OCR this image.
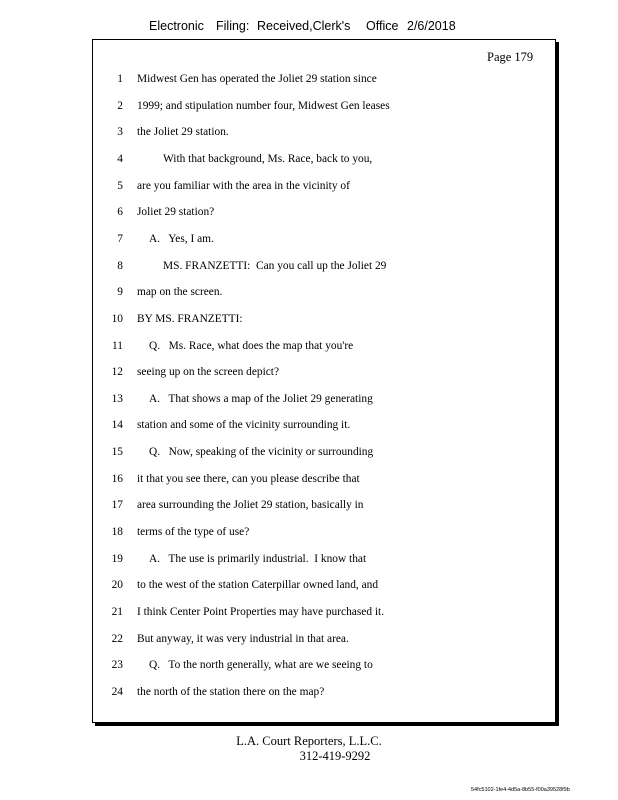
Electronic Filing: Received,Clerk's Office 2/6/2018
Page 179
1 Midwest Gen has operated the Joliet 29 station since
2 1999; and stipulation number four, Midwest Gen leases
3 the Joliet 29 station.
4	With that background, Ms. Race, back to you,
5 are you familiar with the area in the vicinity of
6 Joliet 29 station?
7	A.   Yes, I am.
8	MS. FRANZETTI:  Can you call up the Joliet 29
9 map on the screen.
10 BY MS. FRANZETTI:
11	Q.   Ms. Race, what does the map that you're
12 seeing up on the screen depict?
13	A.   That shows a map of the Joliet 29 generating
14 station and some of the vicinity surrounding it.
15	Q.   Now, speaking of the vicinity or surrounding
16 it that you see there, can you please describe that
17 area surrounding the Joliet 29 station, basically in
18 terms of the type of use?
19	A.   The use is primarily industrial.  I know that
20 to the west of the station Caterpillar owned land, and
21 I think Center Point Properties may have purchased it.
22 But anyway, it was very industrial in that area.
23	Q.   To the north generally, what are we seeing to
24 the north of the station there on the map?
L.A. Court Reporters, L.L.C.
312-419-9292
54fc5102-1fe4-4d5a-8b55-f00a39528f9b
